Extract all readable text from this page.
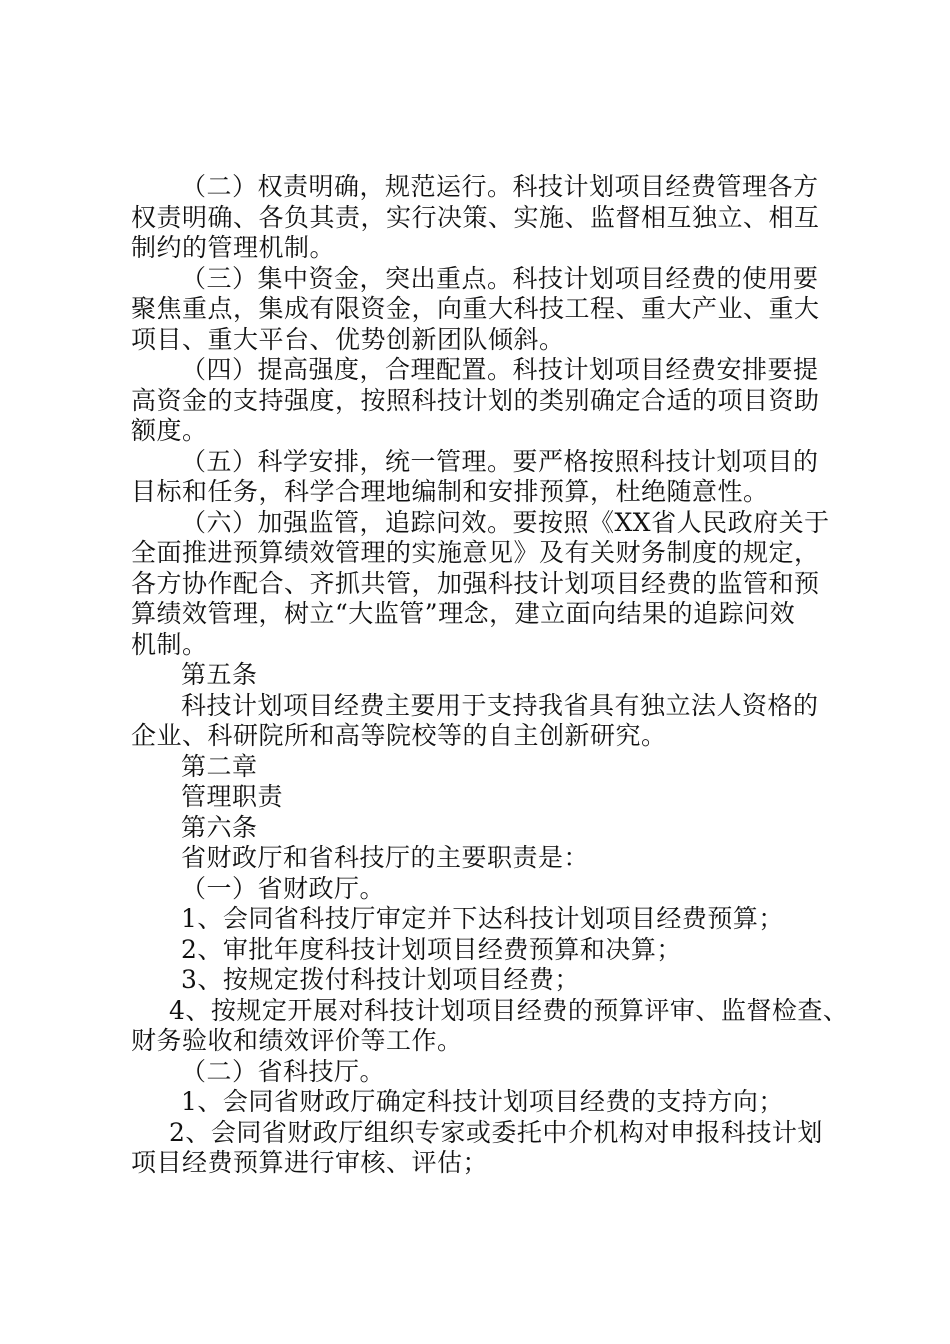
（二）权责明确，规范运行。科技计划项目经费管理各方
权责明确、各负其责，实行决策、实施、监督相互独立、相互
制约的管理机制。
（三）集中资金，突出重点。科技计划项目经费的使用要
聚焦重点，集成有限资金，向重大科技工程、重大产业、重大
项目、重大平台、优势创新团队倾斜。
（四）提高强度，合理配置。科技计划项目经费安排要提
高资金的支持强度，按照科技计划的类别确定合适的项目资助
额度。
（五）科学安排，统一管理。要严格按照科技计划项目的
目标和任务，科学合理地编制和安排预算，杜绝随意性。
（六）加强监管，追踪问效。要按照《XX省人民政府关于
全面推进预算绩效管理的实施意见》及有关财务制度的规定，
各方协作配合、齐抓共管，加强科技计划项目经费的监管和预
算绩效管理，树立“大监管”理念，建立面向结果的追踪问效
机制。
第五条
科技计划项目经费主要用于支持我省具有独立法人资格的
企业、科研院所和高等院校等的自主创新研究。
第二章
管理职责
第六条
省财政厅和省科技厅的主要职责是：
（一）省财政厅。
1、会同省科技厅审定并下达科技计划项目经费预算；
2、审批年度科技计划项目经费预算和决算；
3、按规定拨付科技计划项目经费；
4、按规定开展对科技计划项目经费的预算评审、监督检查、
财务验收和绩效评价等工作。
（二）省科技厅。
1、会同省财政厅确定科技计划项目经费的支持方向；
2、会同省财政厅组织专家或委托中介机构对申报科技计划
项目经费预算进行审核、评估；
